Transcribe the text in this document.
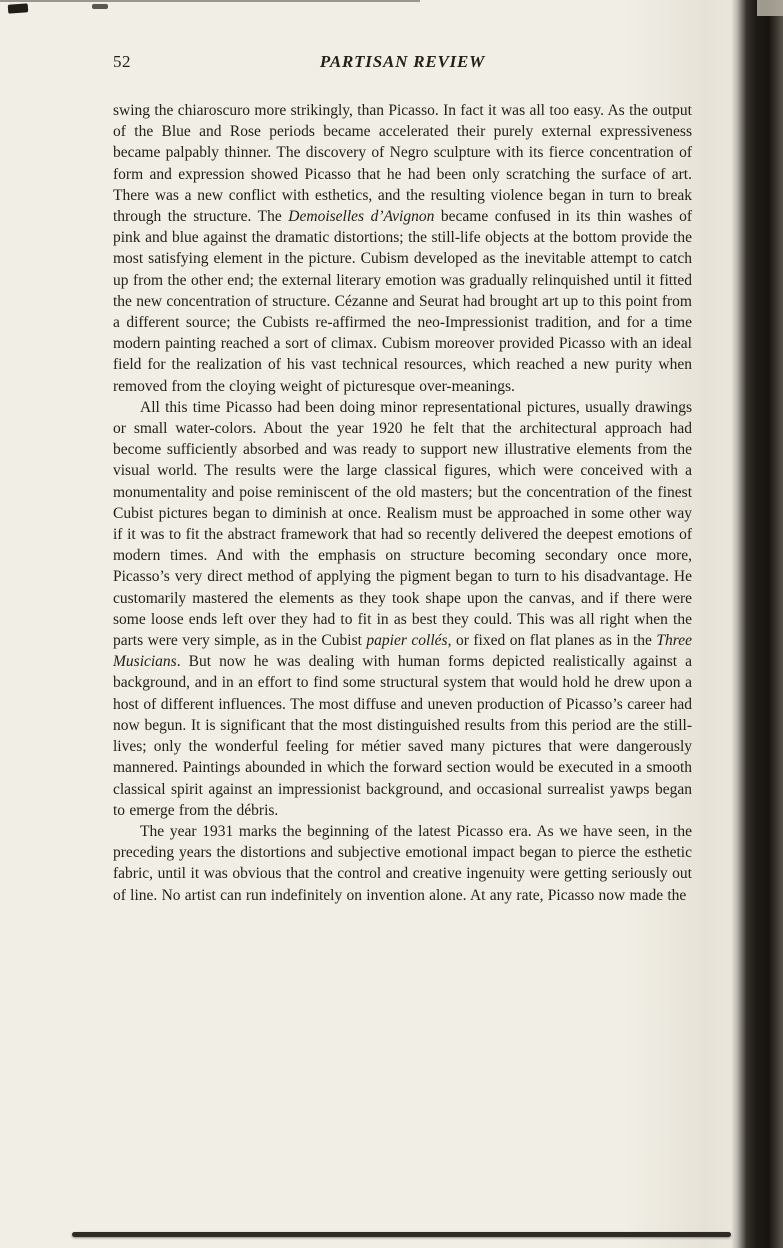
52	PARTISAN REVIEW

swing the chiaroscuro more strikingly, than Picasso. In fact it was all too easy. As the output of the Blue and Rose periods became accelerated their purely external expressiveness became palpably thinner. The discovery of Negro sculpture with its fierce concentration of form and expression showed Picasso that he had been only scratching the surface of art. There was a new conflict with esthetics, and the resulting violence began in turn to break through the structure. The Demoiselles d’Avignon became confused in its thin washes of pink and blue against the dramatic distortions; the still-life objects at the bottom provide the most satisfying element in the picture. Cubism developed as the inevitable attempt to catch up from the other end; the external literary emotion was gradually relinquished until it fitted the new concentration of structure. Cézanne and Seurat had brought art up to this point from a different source; the Cubists re-affirmed the neo-Impressionist tradition, and for a time modern painting reached a sort of climax. Cubism moreover provided Picasso with an ideal field for the realization of his vast technical resources, which reached a new purity when removed from the cloying weight of picturesque over-meanings.

All this time Picasso had been doing minor representational pictures, usually drawings or small water-colors. About the year 1920 he felt that the architectural approach had become sufficiently absorbed and was ready to support new illustrative elements from the visual world. The results were the large classical figures, which were conceived with a monumentality and poise reminiscent of the old masters; but the concentration of the finest Cubist pictures began to diminish at once. Realism must be approached in some other way if it was to fit the abstract framework that had so recently delivered the deepest emotions of modern times. And with the emphasis on structure becoming secondary once more, Picasso’s very direct method of applying the pigment began to turn to his disadvantage. He customarily mastered the elements as they took shape upon the canvas, and if there were some loose ends left over they had to fit in as best they could. This was all right when the parts were very simple, as in the Cubist papier collés, or fixed on flat planes as in the Three Musicians. But now he was dealing with human forms depicted realistically against a background, and in an effort to find some structural system that would hold he drew upon a host of different influences. The most diffuse and uneven production of Picasso’s career had now begun. It is significant that the most distinguished results from this period are the still-lives; only the wonderful feeling for métier saved many pictures that were dangerously mannered. Paintings abounded in which the forward section would be executed in a smooth classical spirit against an impressionist background, and occasional surrealist yawps began to emerge from the débris.

The year 1931 marks the beginning of the latest Picasso era. As we have seen, in the preceding years the distortions and subjective emotional impact began to pierce the esthetic fabric, until it was obvious that the control and creative ingenuity were getting seriously out of line. No artist can run indefinitely on invention alone. At any rate, Picasso now made the
